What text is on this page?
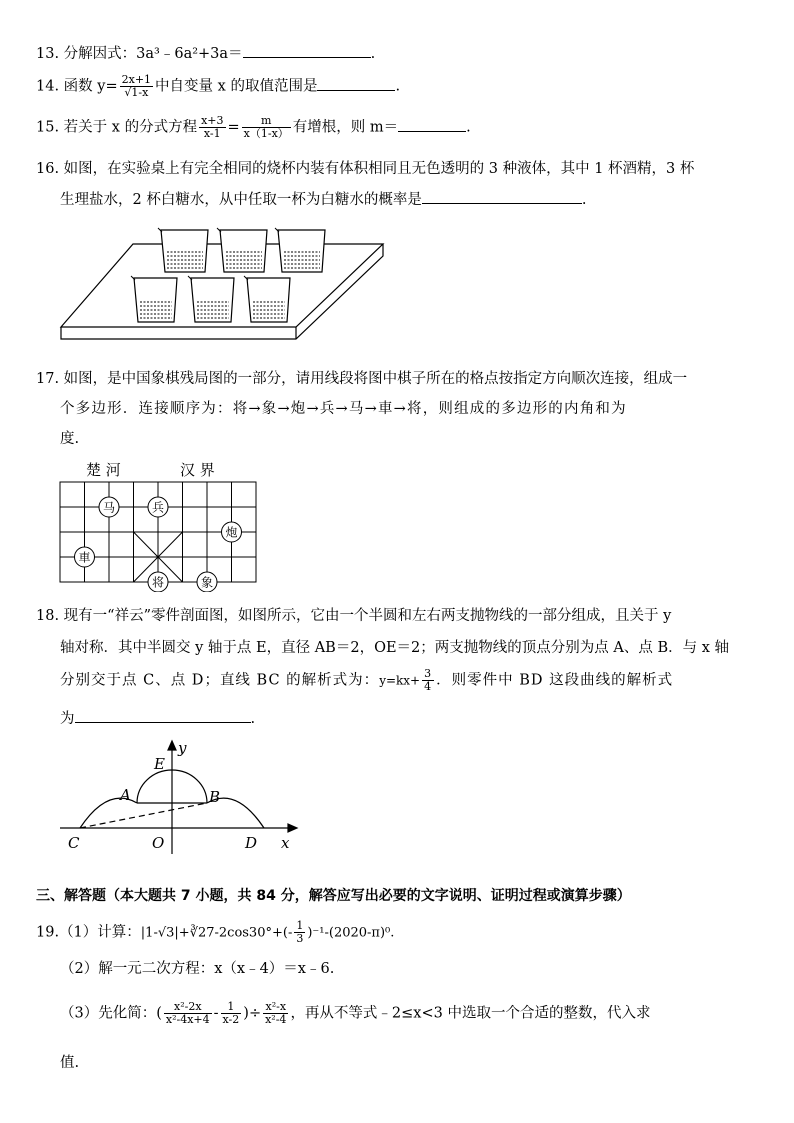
13. 分解因式：3a³﹣6a²+3a＝	.
14. 函数 $y= \frac{2x+1}{√1-x}$ 中自变量 x 的取值范围是	.
15. 若关于 x 的分式方程 $\frac{x+3}{x-1} = \frac{m}{x(1-x)}$ 有增根，则 m＝	.
16. 如图，在实验桌上有完全相同的烧杯内装有体积相同且无色透明的 3 种液体，其中 1 杯酒精，3 杯
生理盐水，2 杯白糖水，从中任取一杯为白糖水的概率是	.
17. 如图，是中国象棋残局图的一部分，请用线段将图中棋子所在的格点按指定方向顺次连接，组成一
个多边形．连接顺序为：将→象→炮→兵→马→車→将，则组成的多边形的内角和为
度.
楚 河	汉 界
马	兵
炮
車
将	象
18. 现有一“祥云”零件剖面图，如图所示，它由一个半圆和左右两支抛物线的一部分组成，且关于 y
轴对称．其中半圆交 y 轴于点 E，直径 AB＝2，OE＝2；两支抛物线的顶点分别为点 A、点 B．与 x 轴
分别交于点 C、点 D；直线 BC 的解析式为：$y=kx+ \frac{3}{4}$ ．则零件中 BD 这段曲线的解析式
为	.
y
x
E
A	B
C	O	D
三、解答题（本大题共 7 小题，共 84 分，解答应写出必要的文字说明、证明过程或演算步骤）
19.（1）计算：|1-√3|+∛27-2cos30°+(- $\frac{1}{3} )^{-1}-(2020-\pi)^0$.
（2）解一元二次方程：x（x﹣4）＝x﹣6.
（3）先化简：( $\frac{\text{x²-2x}}{\text{x²-4x+4}} - \frac{1}{x-2}$ )÷ $\frac{\text{x²-x}}{\text{x²-4}}$ ，再从不等式﹣2≤x<3 中选取一个合适的整数，代入求
值.
